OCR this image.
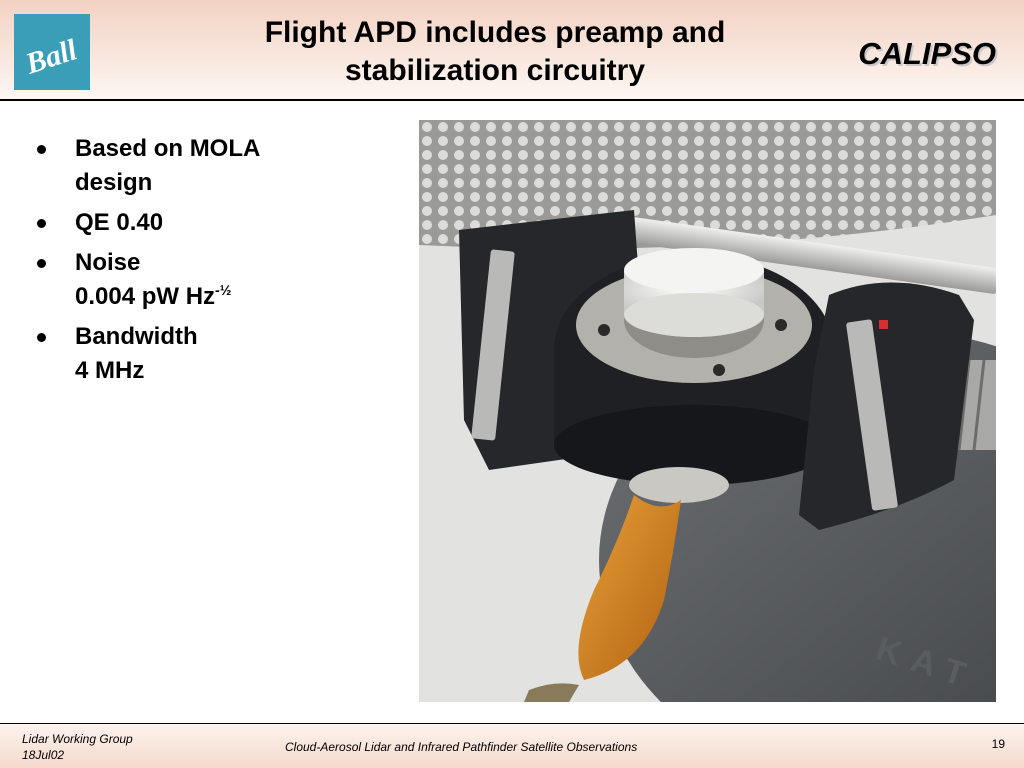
Ball
Flight APD includes preamp and
stabilization circuitry	CALIPSO
Based on MOLA
design
QE 0.40
Noise
0.004 pW $Hz^{-\frac{1}{2}}$
Bandwidth
4 MHz
KAT
Lidar Working Group
18Jul02
Cloud-Aerosol Lidar and Infrared Pathfinder Satellite Observations	19
